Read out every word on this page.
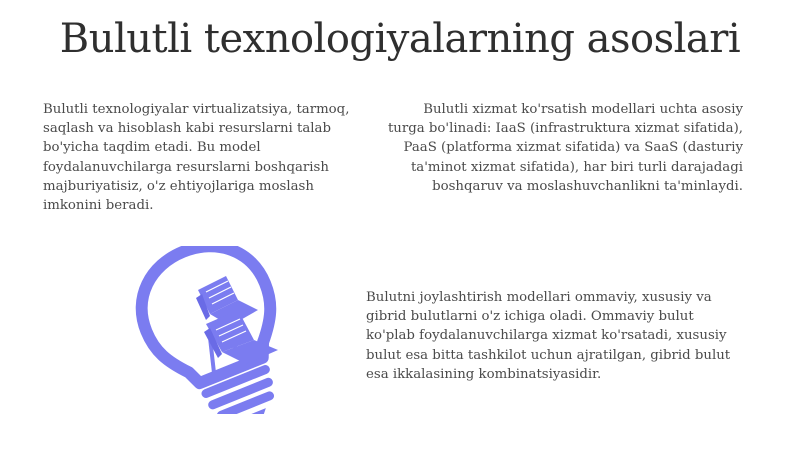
Bulutli texnologiyalarning asoslari
Bulutli texnologiyalar virtualizatsiya, tarmoq, saqlash va hisoblash kabi resurslarni talab bo'yicha taqdim etadi. Bu model foydalanuvchilarga resurslarni boshqarish majburiyatisiz, o'z ehtiyojlariga moslash imkonini beradi.
Bulutli xizmat ko'rsatish modellari uchta asosiy turga bo'linadi: IaaS (infrastruktura xizmat sifatida), PaaS (platforma xizmat sifatida) va SaaS (dasturiy ta'minot xizmat sifatida), har biri turli darajadagi boshqaruv va moslashuvchanlikni ta'minlaydi.
Bulutni joylashtirish modellari ommaviy, xususiy va gibrid bulutlarni o'z ichiga oladi. Ommaviy bulut ko'plab foydalanuvchilarga xizmat ko'rsatadi, xususiy bulut esa bitta tashkilot uchun ajratilgan, gibrid bulut esa ikkalasining kombinatsiyasidir.
